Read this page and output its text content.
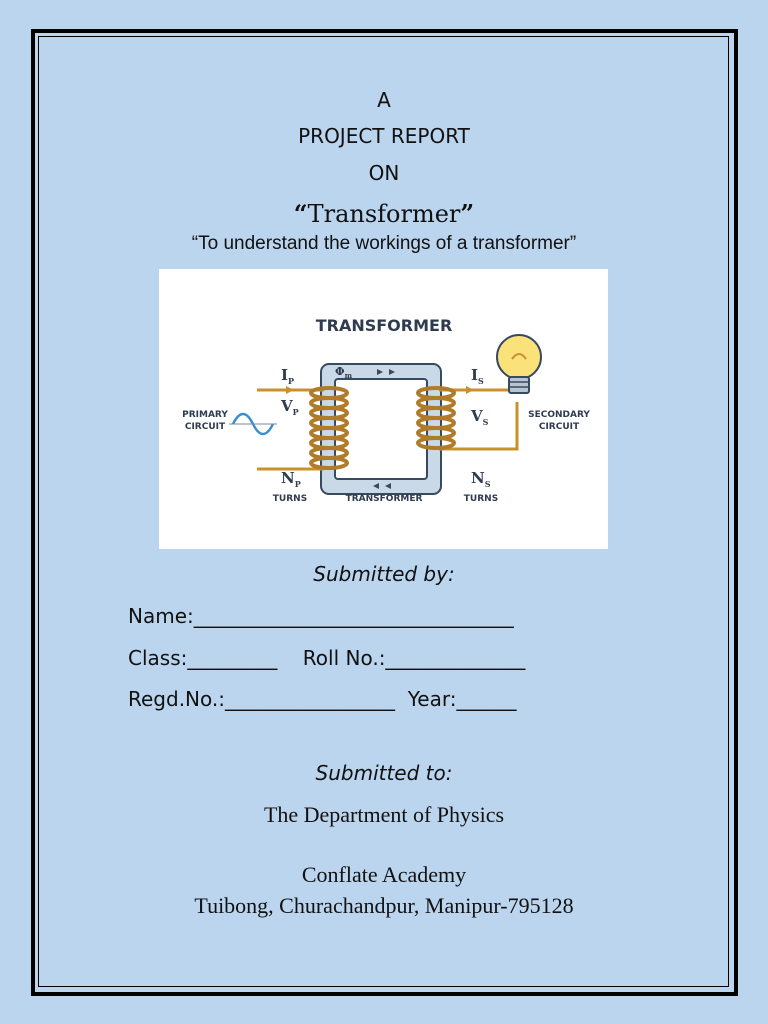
A
PROJECT REPORT
ON
“Transformer”
“To understand the workings of a transformer”
TRANSFORMER
PRIMARY
CIRCUIT
SECONDARY
CIRCUIT
TURNS	TRANSFORMER	TURNS
$I_P$
$V_P$
$I_S$
$V_S$
$N_P$	$N_S$
$\Phi_m$
Submitted by:
Name:________________________________
Class:_________    Roll No.:______________
Regd.No.:_________________  Year:______
Submitted to:
The Department of Physics
Conflate Academy
Tuibong, Churachandpur, Manipur-795128
